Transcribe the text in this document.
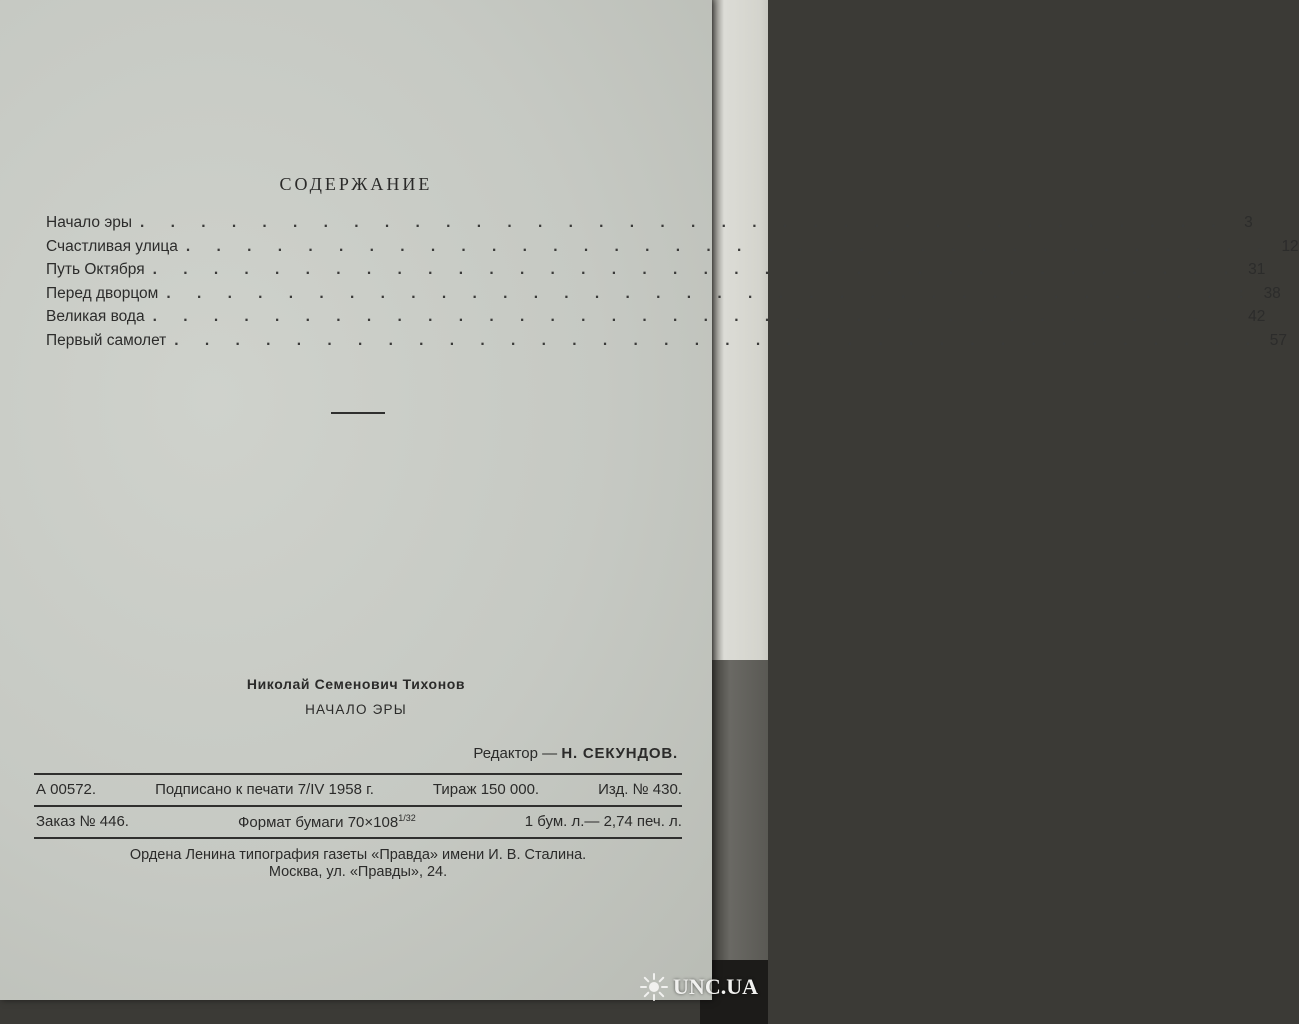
СОДЕРЖАНИЕ
Начало эры . . . . . . . . . . . . . . . . . . . . . . . . . . . . . . . . . . . .	3
Счастливая улица . . . . . . . . . . . . . . . . . . . . . . . . . . . . . . . . . . . . 12
Путь Октября . . . . . . . . . . . . . . . . . . . . . . . . . . . . . . . . . . . . 31
Перед дворцом . . . . . . . . . . . . . . . . . . . . . . . . . . . . . . . . . . : : 38
Великая вода . . . . . . . . . . . . . . . . . . . . . . . . . . . . . . . . . . . . 42
Первый самолет . . . . . . . . . . . . . . . . . . . . . . . . . . . . . . . . . . . . 57
Николай Семенович Тихонов
НАЧАЛО ЭРЫ
Редактор — Н. СЕКУНДОВ.
А 00572.	Подписано к печати 7/IV 1958 г.	Тираж 150 000.	Изд. № 430.
Заказ № 446.	Формат бумаги $70\times 108^{1/32}$	1 бум. л.— 2,74 печ. л.
Ордена Ленина типография газеты «Правда» имени И. В. Сталина.
Москва, ул. «Правды», 24.
UNC.UA
